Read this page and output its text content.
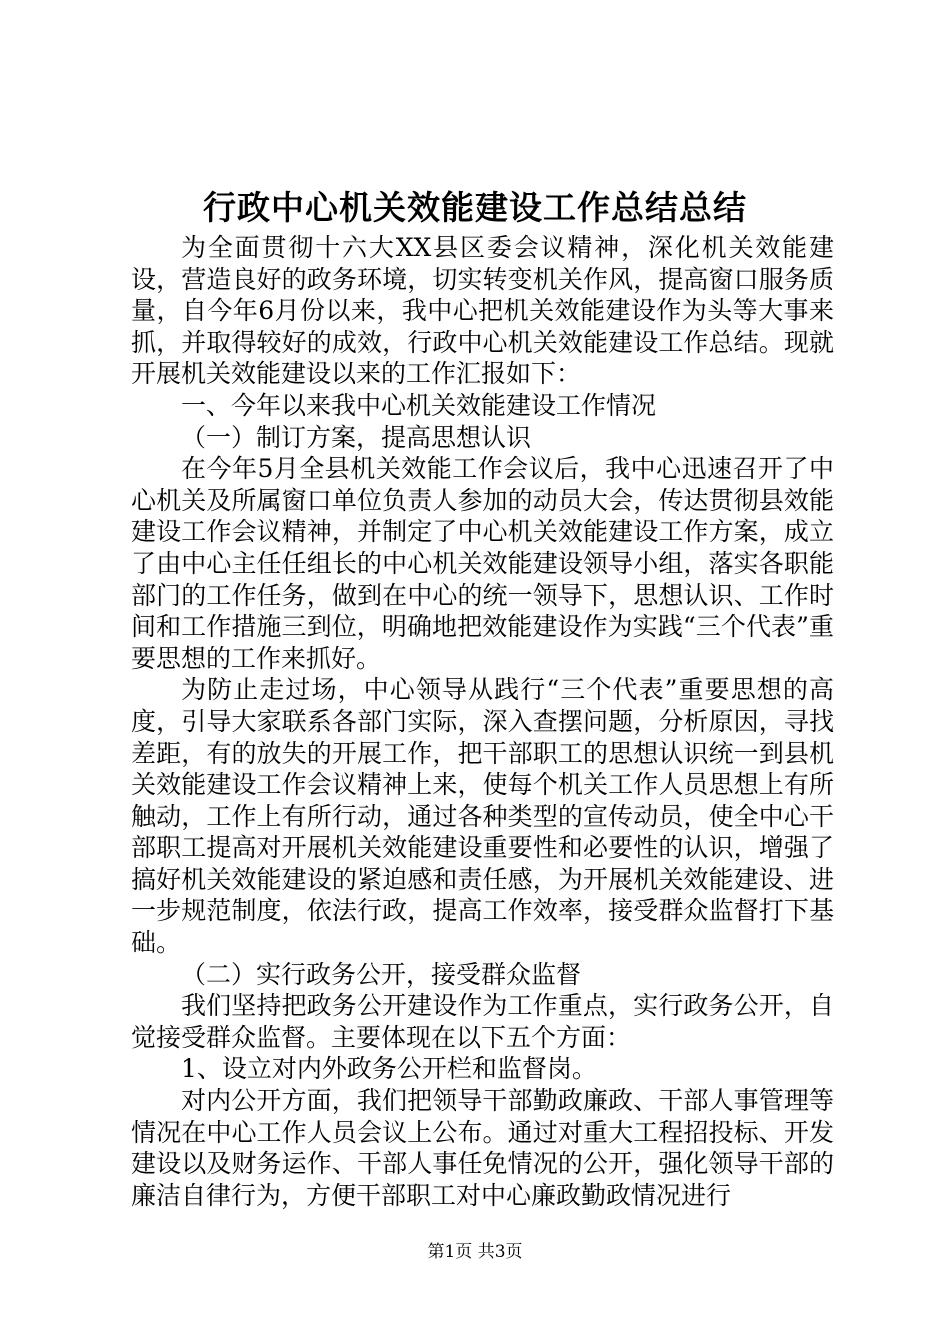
行政中心机关效能建设工作总结总结

为全面贯彻十六大XX县区委会议精神，深化机关效能建设，营造良好的政务环境，切实转变机关作风，提高窗口服务质量，自今年6月份以来，我中心把机关效能建设作为头等大事来抓，并取得较好的成效，行政中心机关效能建设工作总结。现就开展机关效能建设以来的工作汇报如下：

一、今年以来我中心机关效能建设工作情况

（一）制订方案，提高思想认识

在今年5月全县机关效能工作会议后，我中心迅速召开了中心机关及所属窗口单位负责人参加的动员大会，传达贯彻县效能建设工作会议精神，并制定了中心机关效能建设工作方案，成立了由中心主任任组长的中心机关效能建设领导小组，落实各职能部门的工作任务，做到在中心的统一领导下，思想认识、工作时间和工作措施三到位，明确地把效能建设作为实践“三个代表”重要思想的工作来抓好。

为防止走过场，中心领导从践行“三个代表”重要思想的高度，引导大家联系各部门实际，深入查摆问题，分析原因，寻找差距，有的放失的开展工作，把干部职工的思想认识统一到县机关效能建设工作会议精神上来，使每个机关工作人员思想上有所触动，工作上有所行动，通过各种类型的宣传动员，使全中心干部职工提高对开展机关效能建设重要性和必要性的认识，增强了搞好机关效能建设的紧迫感和责任感，为开展机关效能建设、进一步规范制度，依法行政，提高工作效率，接受群众监督打下基础。

（二）实行政务公开，接受群众监督

我们坚持把政务公开建设作为工作重点，实行政务公开，自觉接受群众监督。主要体现在以下五个方面：

1、设立对内外政务公开栏和监督岗。

对内公开方面，我们把领导干部勤政廉政、干部人事管理等情况在中心工作人员会议上公布。通过对重大工程招投标、开发建设以及财务运作、干部人事任免情况的公开，强化领导干部的廉洁自律行为，方便干部职工对中心廉政勤政情况进行

第1页 共3页
